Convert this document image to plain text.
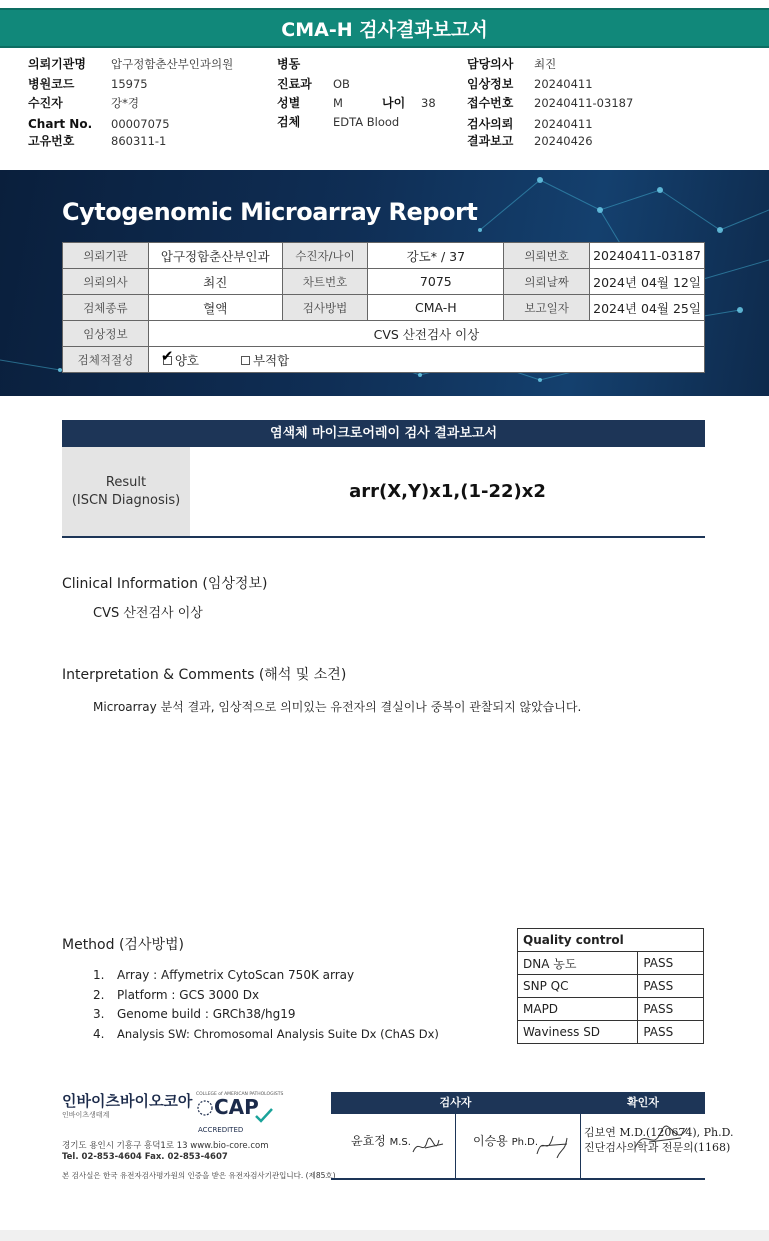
CMA-H 검사결과보고서
의뢰기관명 압구정함춘산부인과의원	병동	담당의사 최진
병원코드	15975	진료과 OB	임상정보 20240411
수진자	강*경	성별	M	나이 38	접수번호 20240411-03187
Chart No. 00007075	검체	EDTA Blood	검사의뢰 20240411
고유번호	860311-1	결과보고 20240426
Cytogenomic Microarray Report
의뢰기관	압구정함춘산부인과	수진자/나이	강도* / 37	의뢰번호	20240411-03187
의뢰의사	최진	차트번호	7075	의뢰날짜	2024년 04월 12일
검체종류	혈액	검사방법	CMA-H	보고일자	2024년 04월 25일
임상정보	CVS 산전검사 이상				
검체적절성	✔ 양호 부적합				
염색체 마이크로어레이 검사 결과보고서
Result
(ISCN Diagnosis)	arr(X,Y)x1,(1-22)x2
Clinical Information (임상정보)
CVS 산전검사 이상
Interpretation & Comments (해석 및 소견)
Microarray 분석 결과, 임상적으로 의미있는 유전자의 결실이나 중복이 관찰되지 않았습니다.
Method (검사방법)
1. Array : Affymetrix CytoScan 750K array
2. Platform : GCS 3000 Dx
3. Genome build : GRCh38/hg19
4. Analysis SW: Chromosomal Analysis Suite Dx (ChAS Dx)
Quality control	
DNA 농도	PASS
SNP QC	PASS
MAPD	PASS
Waviness SD	PASS
인바이츠바이오코아
인바이츠생태계
COLLEGE of AMERICAN PATHOLOGISTS
CAP
ACCREDITED
경기도 용인시 기흥구 흥덕1로 13 www.bio-core.com
Tel. 02-853-4604 Fax. 02-853-4607
본 검사실은 한국 유전자검사평가원의 인증을 받은 유전자검사기관입니다. (제85호)
검사자	확인자
윤효정 M.S.	이승용 Ph.D.
김보연 M.D.(120674), Ph.D.
진단검사의학과 전문의(1168)
